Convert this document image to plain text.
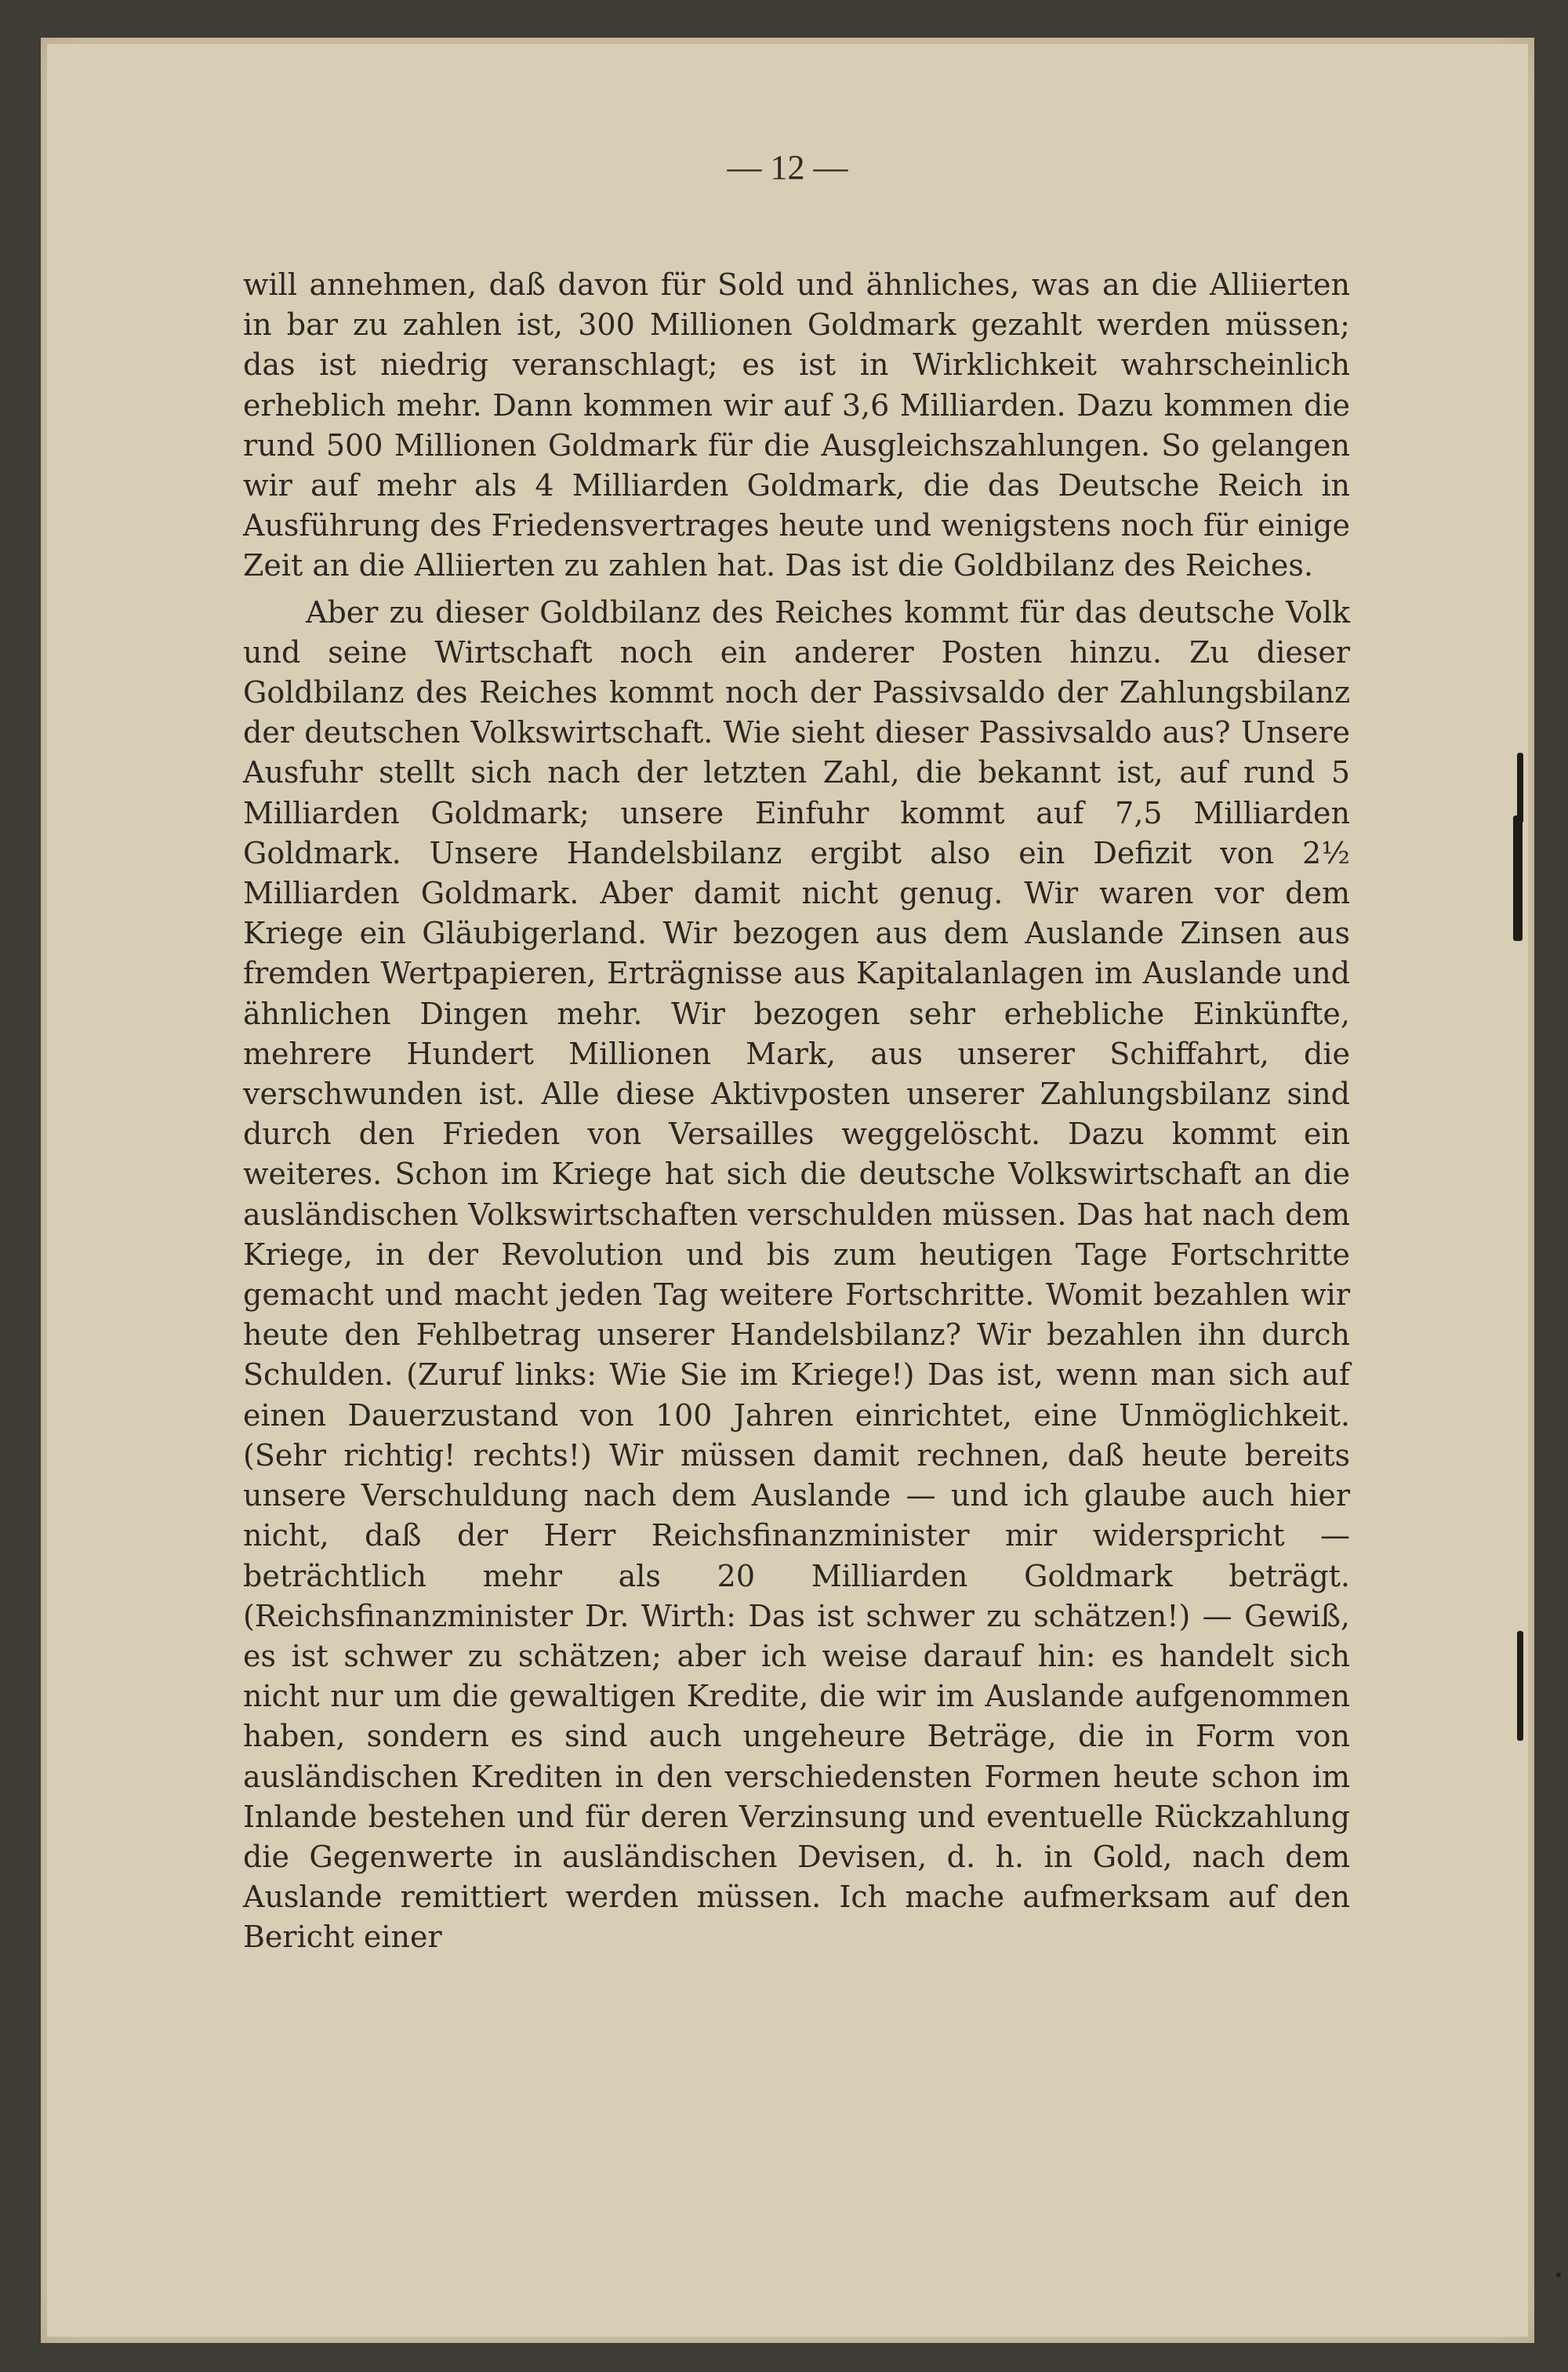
— 12 —

will annehmen, daß davon für Sold und ähnliches, was an die Alliierten in bar zu zahlen ist, 300 Millionen Goldmark gezahlt werden müssen; das ist niedrig veranschlagt; es ist in Wirklichkeit wahrscheinlich erheblich mehr. Dann kommen wir auf 3,6 Milliarden. Dazu kommen die rund 500 Millionen Goldmark für die Ausgleichszahlungen. So gelangen wir auf mehr als 4 Milliarden Goldmark, die das Deutsche Reich in Ausführung des Friedensvertrages heute und wenigstens noch für einige Zeit an die Alliierten zu zahlen hat. Das ist die Goldbilanz des Reiches.

Aber zu dieser Goldbilanz des Reiches kommt für das deutsche Volk und seine Wirtschaft noch ein anderer Posten hinzu. Zu dieser Goldbilanz des Reiches kommt noch der Passivsaldo der Zahlungsbilanz der deutschen Volkswirtschaft. Wie sieht dieser Passivsaldo aus? Unsere Ausfuhr stellt sich nach der letzten Zahl, die bekannt ist, auf rund 5 Milliarden Goldmark; unsere Einfuhr kommt auf 7,5 Milliarden Goldmark. Unsere Handelsbilanz ergibt also ein Defizit von 2½ Milliarden Goldmark. Aber damit nicht genug. Wir waren vor dem Kriege ein Gläubigerland. Wir bezogen aus dem Auslande Zinsen aus fremden Wertpapieren, Erträgnisse aus Kapitalanlagen im Auslande und ähnlichen Dingen mehr. Wir bezogen sehr erhebliche Einkünfte, mehrere Hundert Millionen Mark, aus unserer Schiffahrt, die verschwunden ist. Alle diese Aktivposten unserer Zahlungsbilanz sind durch den Frieden von Versailles weggelöscht. Dazu kommt ein weiteres. Schon im Kriege hat sich die deutsche Volkswirtschaft an die ausländischen Volkswirtschaften verschulden müssen. Das hat nach dem Kriege, in der Revolution und bis zum heutigen Tage Fortschritte gemacht und macht jeden Tag weitere Fortschritte. Womit bezahlen wir heute den Fehlbetrag unserer Handelsbilanz? Wir bezahlen ihn durch Schulden. (Zuruf links: Wie Sie im Kriege!) Das ist, wenn man sich auf einen Dauerzustand von 100 Jahren einrichtet, eine Unmöglichkeit. (Sehr richtig! rechts!) Wir müssen damit rechnen, daß heute bereits unsere Verschuldung nach dem Auslande — und ich glaube auch hier nicht, daß der Herr Reichsfinanzminister mir widerspricht — beträchtlich mehr als 20 Milliarden Goldmark beträgt. (Reichsfinanzminister Dr. Wirth: Das ist schwer zu schätzen!) — Gewiß, es ist schwer zu schätzen; aber ich weise darauf hin: es handelt sich nicht nur um die gewaltigen Kredite, die wir im Auslande aufgenommen haben, sondern es sind auch ungeheure Beträge, die in Form von ausländischen Krediten in den verschiedensten Formen heute schon im Inlande bestehen und für deren Verzinsung und eventuelle Rückzahlung die Gegenwerte in ausländischen Devisen, d. h. in Gold, nach dem Auslande remittiert werden müssen. Ich mache aufmerksam auf den Bericht einer
